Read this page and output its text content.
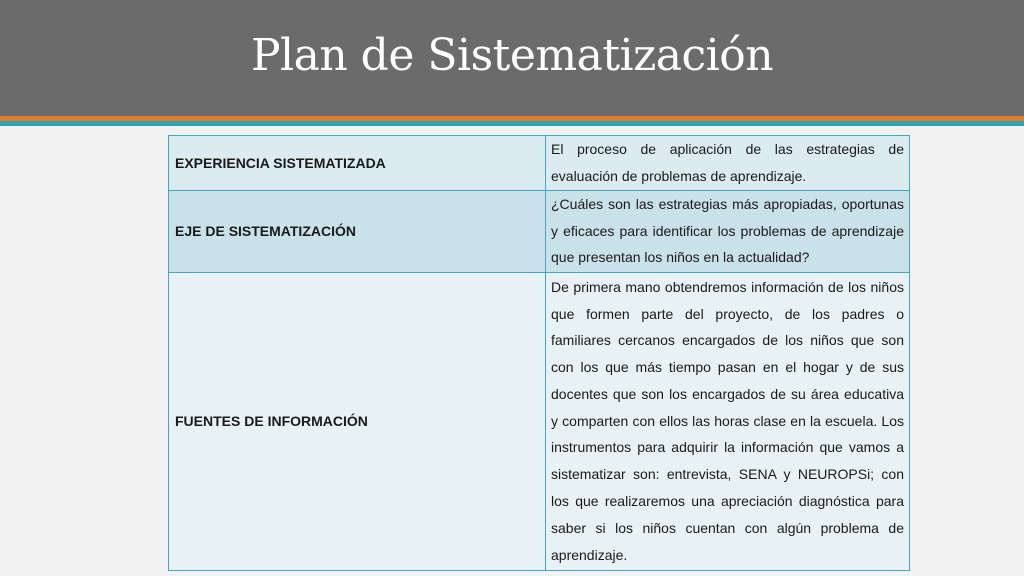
Plan de Sistematización
EXPERIENCIA SISTEMATIZADA	El proceso de aplicación de las estrategias de evaluación de problemas de aprendizaje.
EJE DE SISTEMATIZACIÓN	¿Cuáles son las estrategias más apropiadas, oportunas y eficaces para identificar los problemas de aprendizaje que presentan los niños en la actualidad?
FUENTES DE INFORMACIÓN	De primera mano obtendremos información de los niños que formen parte del proyecto, de los padres o familiares cercanos encargados de los niños que son con los que más tiempo pasan en el hogar y de sus docentes que son los encargados de su área educativa y comparten con ellos las horas clase en la escuela. Los instrumentos para adquirir la información que vamos a sistematizar son: entrevista, SENA y NEUROPSi; con los que realizaremos una apreciación diagnóstica para saber si los niños cuentan con algún problema de aprendizaje.
